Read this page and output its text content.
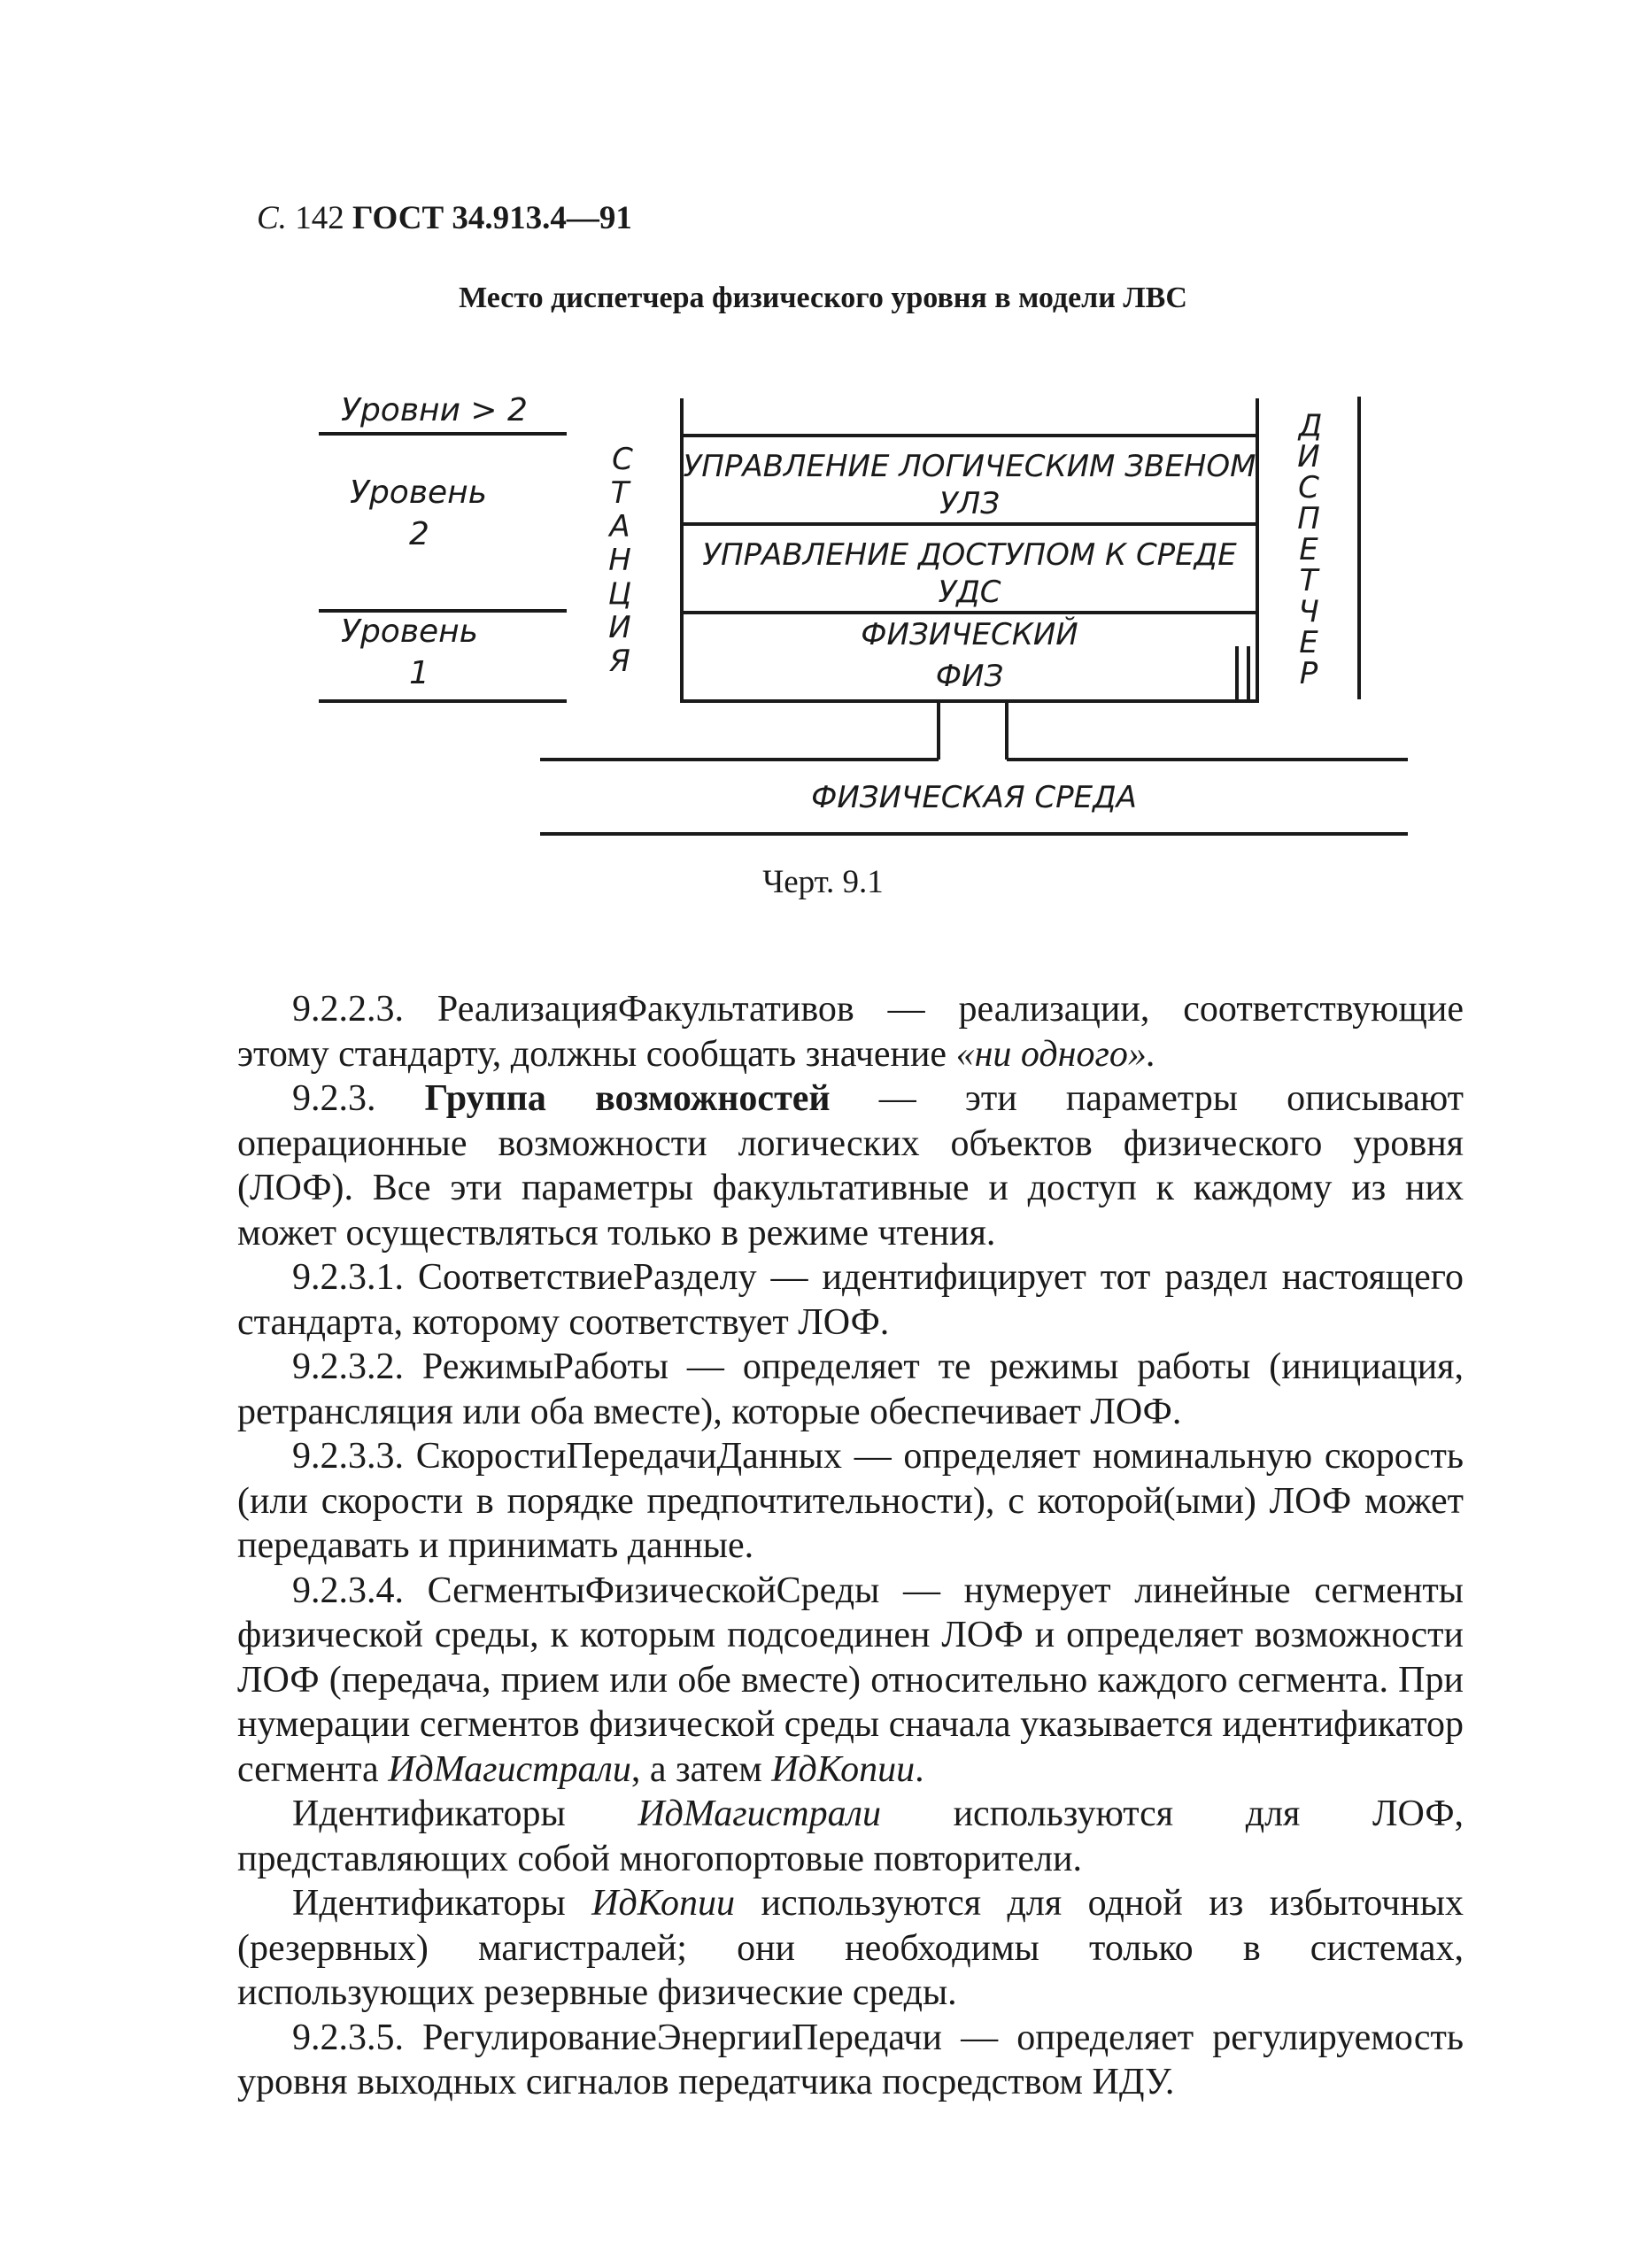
С. 142 ГОСТ 34.913.4—91
Место диспетчера физического уровня в модели ЛВС
Уровни > 2
Уровень
2
Уровень
1
С
Т
А
Н
Ц
И
Я
Д
И
С
П
Е
Т
Ч
Е
Р
УПРАВЛЕНИЕ ЛОГИЧЕСКИМ ЗВЕНОМ
УЛЗ
УПРАВЛЕНИЕ ДОСТУПОМ К СРЕДЕ
УДС
ФИЗИЧЕСКИЙ
ФИЗ
ФИЗИЧЕСКАЯ СРЕДА
Черт. 9.1

9.2.2.3. РеализацияФакультативов — реализации, соответствующие этому стандарту, должны сообщать значение «ни одного».

9.2.3. Группа возможностей — эти параметры описывают операционные возможности логических объектов физического уровня (ЛОФ). Все эти параметры факультативные и доступ к каждому из них может осуществляться только в режиме чтения.

9.2.3.1. СоответствиеРазделу — идентифицирует тот раздел настоящего стандарта, которому соответствует ЛОФ.

9.2.3.2. РежимыРаботы — определяет те режимы работы (инициация, ретрансляция или оба вместе), которые обеспечивает ЛОФ.

9.2.3.3. СкоростиПередачиДанных — определяет номинальную скорость (или скорости в порядке предпочтительности), с которой(ыми) ЛОФ может передавать и принимать данные.

9.2.3.4. СегментыФизическойСреды — нумерует линейные сегменты физической среды, к которым подсоединен ЛОФ и определяет возможности ЛОФ (передача, прием или обе вместе) относительно каждого сегмента. При нумерации сегментов физической среды сначала указывается идентификатор сегмента ИдМагистрали, а затем ИдКопии.

Идентификаторы ИдМагистрали используются для ЛОФ, представляющих собой многопортовые повторители.

Идентификаторы ИдКопии используются для одной из избыточных (резервных) магистралей; они необходимы только в системах, использующих резервные физические среды.

9.2.3.5. РегулированиеЭнергииПередачи — определяет регулируемость уровня выходных сигналов передатчика посредством ИДУ.
